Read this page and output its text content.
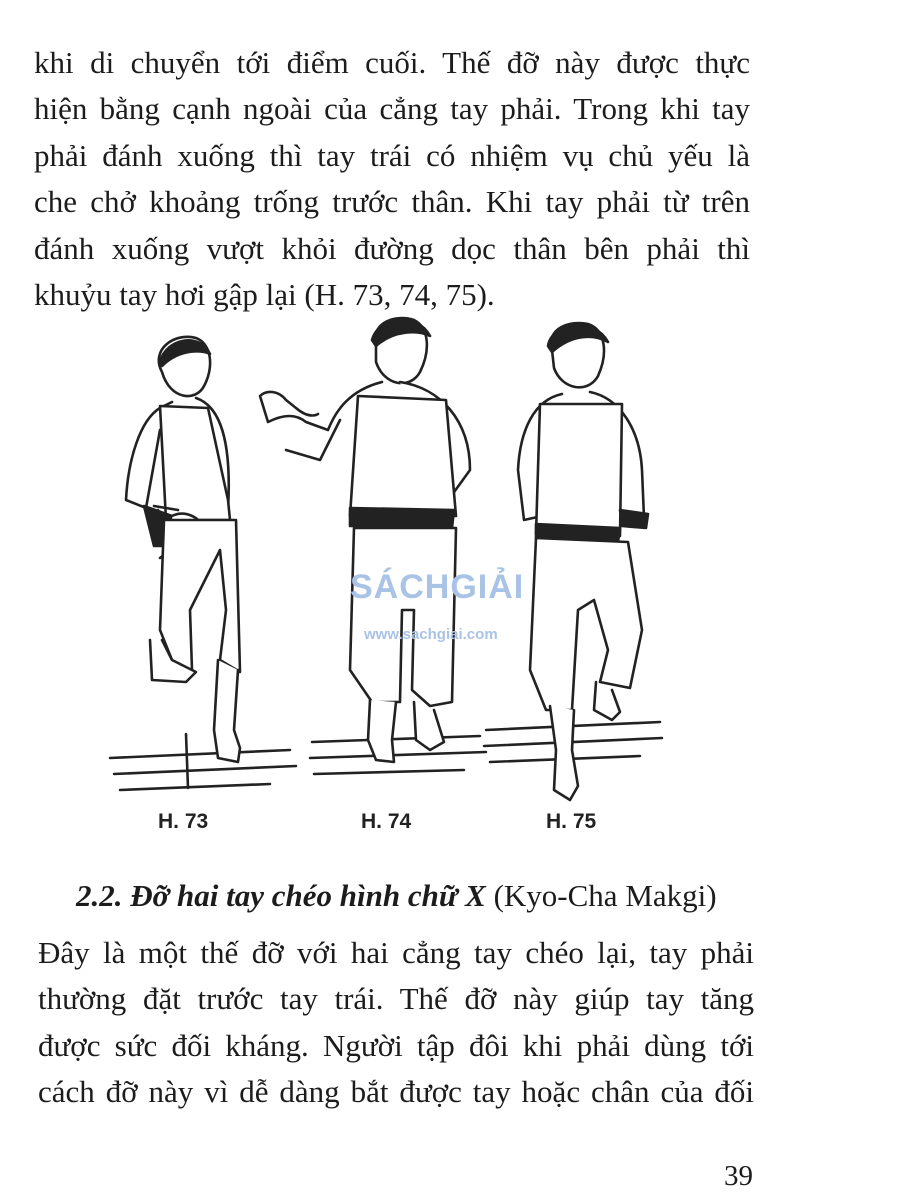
khi di chuyển tới điểm cuối. Thế đỡ này được thực
hiện bằng cạnh ngoài của cẳng tay phải. Trong khi tay
phải đánh xuống thì tay trái có nhiệm vụ chủ yếu là
che chở khoảng trống trước thân. Khi tay phải từ trên
đánh xuống vượt khỏi đường dọc thân bên phải thì
khuỷu tay hơi gập lại (H. 73, 74, 75).
SÁCHGIẢI
www.sachgiai.com
H. 73	H. 74	H. 75
2.2. Đỡ hai tay chéo hình chữ X (Kyo-Cha Makgi)
Đây là một thế đỡ với hai cẳng tay chéo lại, tay phải
thường đặt trước tay trái. Thế đỡ này giúp tay tăng
được sức đối kháng. Người tập đôi khi phải dùng tới
cách đỡ này vì dễ dàng bắt được tay hoặc chân của đối
39
